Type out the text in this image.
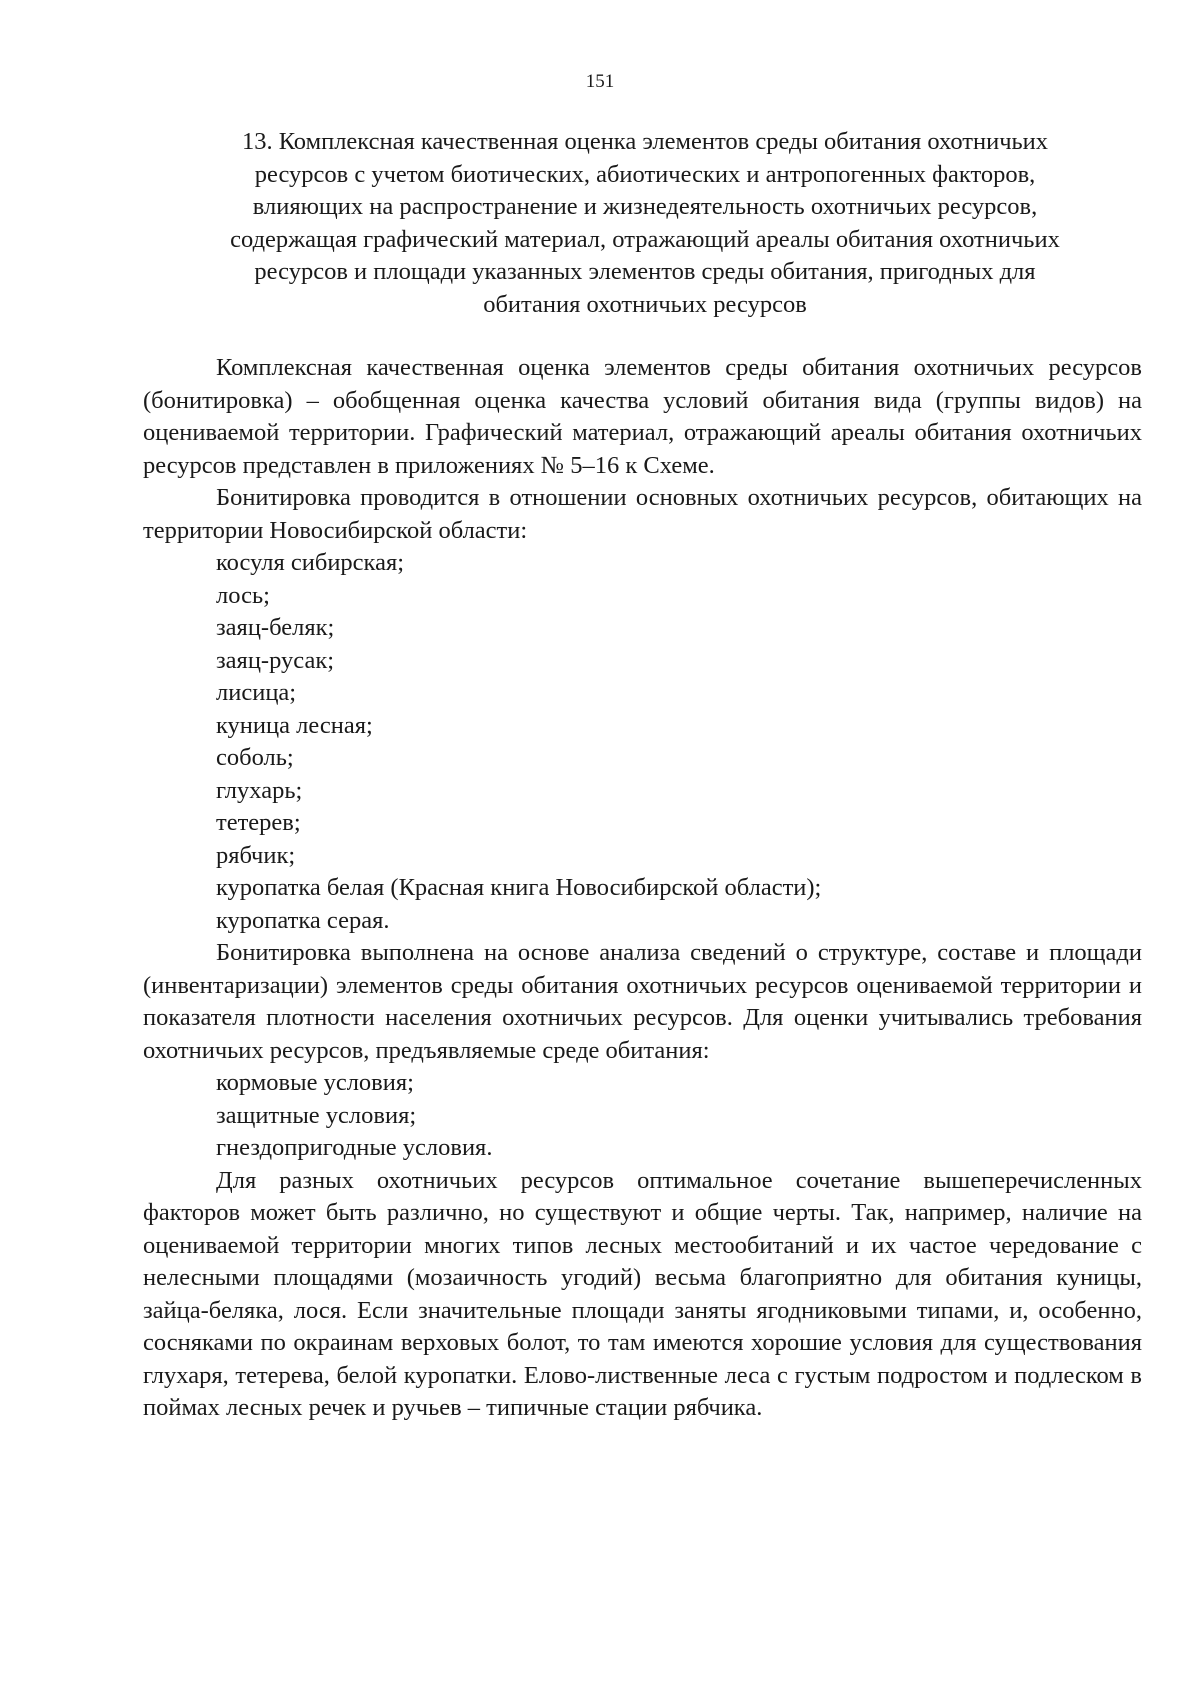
151
13. Комплексная качественная оценка элементов среды обитания охотничьих
ресурсов с учетом биотических, абиотических и антропогенных факторов,
влияющих на распространение и жизнедеятельность охотничьих ресурсов,
содержащая графический материал, отражающий ареалы обитания охотничьих
ресурсов и площади указанных элементов среды обитания, пригодных для
обитания охотничьих ресурсов

Комплексная качественная оценка элементов среды обитания охотничьих ресурсов (бонитировка) – обобщенная оценка качества условий обитания вида (группы видов) на оцениваемой территории. Графический материал, отражающий ареалы обитания охотничьих ресурсов представлен в приложениях № 5–16 к Схеме.

Бонитировка проводится в отношении основных охотничьих ресурсов, обитающих на территории Новосибирской области:

косуля сибирская;
лось;
заяц-беляк;
заяц-русак;
лисица;
куница лесная;
соболь;
глухарь;
тетерев;
рябчик;
куропатка белая (Красная книга Новосибирской области);
куропатка серая.

Бонитировка выполнена на основе анализа сведений о структуре, составе и площади (инвентаризации) элементов среды обитания охотничьих ресурсов оцениваемой территории и показателя плотности населения охотничьих ресурсов. Для оценки учитывались требования охотничьих ресурсов, предъявляемые среде обитания:

кормовые условия;
защитные условия;
гнездопригодные условия.

Для разных охотничьих ресурсов оптимальное сочетание вышеперечисленных факторов может быть различно, но существуют и общие черты. Так, например, наличие на оцениваемой территории многих типов лесных местообитаний и их частое чередование с нелесными площадями (мозаичность угодий) весьма благоприятно для обитания куницы, зайца-беляка, лося. Если значительные площади заняты ягодниковыми типами, и, особенно, сосняками по окраинам верховых болот, то там имеются хорошие условия для существования глухаря, тетерева, белой куропатки. Елово-лиственные леса с густым подростом и подлеском в поймах лесных речек и ручьев – типичные стации рябчика.
